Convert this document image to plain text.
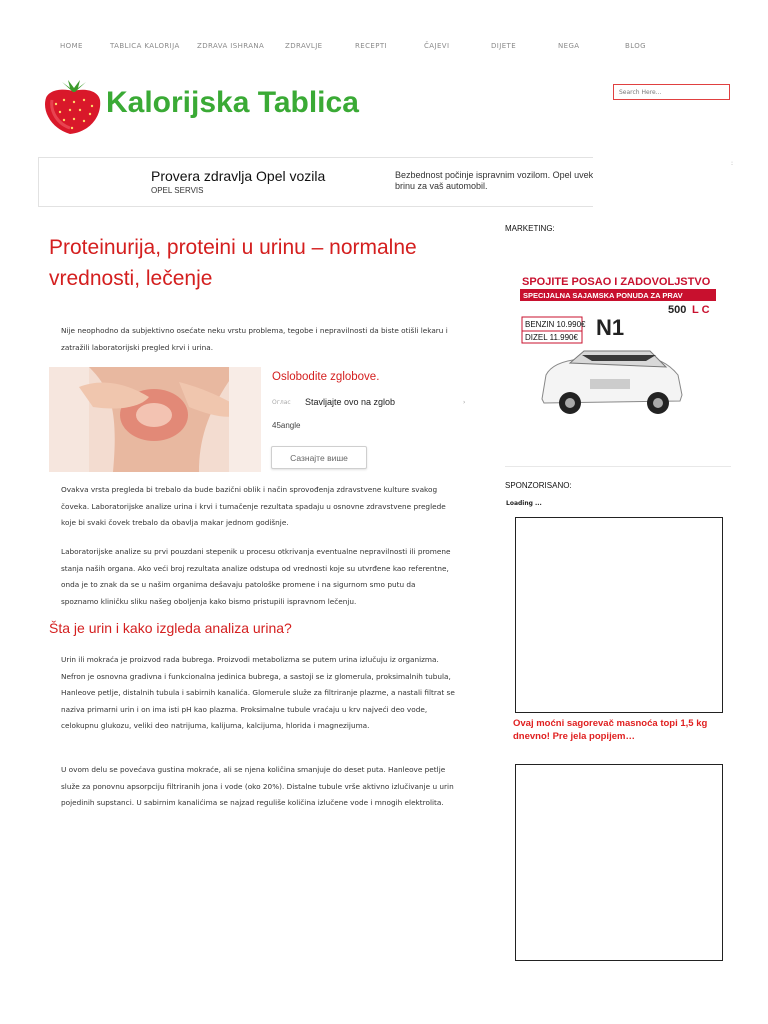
HOME	TABLICA KALORIJA ZDRAVA ISHRANA	ZDRAVLJE	RECEPTI	ČAJEVI	DIJETE	NEGA	BLOG
Kalorijska Tablica
Search Here...
Provera zdravlja Opel vozila
OPEL SERVIS
Bezbednost počinje ispravnim vozilom. Opel uvek brinu za vaš automobil.
:
Proteinurija, proteini u urinu – normalne vrednosti, lečenje

Nije neophodno da subjektivno osećate neku vrstu problema, tegobe i nepravilnosti da biste otišli lekaru i zatražili laboratorijski pregled krvi i urina.

Oslobodite zglobove.
Оглас Stavljajte ovo na zglob	›
45angle
Сазнајте више

Ovakva vrsta pregleda bi trebalo da bude bazični oblik i način sprovođenja zdravstvene kulture svakog čoveka. Laboratorijske analize urina i krvi i tumačenje rezultata spadaju u osnovne zdravstvene preglede koje bi svaki čovek trebalo da obavlja makar jednom godišnje.

Laboratorijske analize su prvi pouzdani stepenik u procesu otkrivanja eventualne nepravilnosti ili promene stanja naših organa. Ako veći broj rezultata analize odstupa od vrednosti koje su utvrđene kao referentne, onda je to znak da se u našim organima dešavaju patološke promene i na sigurnom smo putu da spoznamo kliničku sliku našeg oboljenja kako bismo pristupili ispravnom lečenju.

Šta je urin i kako izgleda analiza urina?

Urin ili mokraća je proizvod rada bubrega. Proizvodi metabolizma se putem urina izlučuju iz organizma. Nefron je osnovna gradivna i funkcionalna jedinica bubrega, a sastoji se iz glomerula, proksimalnih tubula, Hanleove petlje, distalnih tubula i sabirnih kanalića. Glomerule služe za filtriranje plazme, a nastali filtrat se naziva primarni urin i on ima isti pH kao plazma. Proksimalne tubule vraćaju u krv najveći deo vode, celokupnu glukozu, veliki deo natrijuma, kalijuma, kalcijuma, hlorida i magnezijuma.

U ovom delu se povećava gustina mokraće, ali se njena količina smanjuje do deset puta. Hanleove petlje služe za ponovnu apsorpciju filtriranih jona i vode (oko 20%). Distalne tubule vrše aktivno izlučivanje u urin pojedinih supstanci. U sabirnim kanalićima se najzad reguliše količina izlučene vode i mnogih elektrolita.

MARKETING:
SPOJITE POSAO I ZADOVOLJSTVO
SPECIJALNA SAJAMSKA PONUDA ZA PRAV
500 L C
BENZIN 10.990€
DIZEL 11.990€ N1
SPONZORISANO:
Loading ...
Ovaj moćni sagorevač masnoća topi 1,5 kg dnevno! Pre jela popijem…
